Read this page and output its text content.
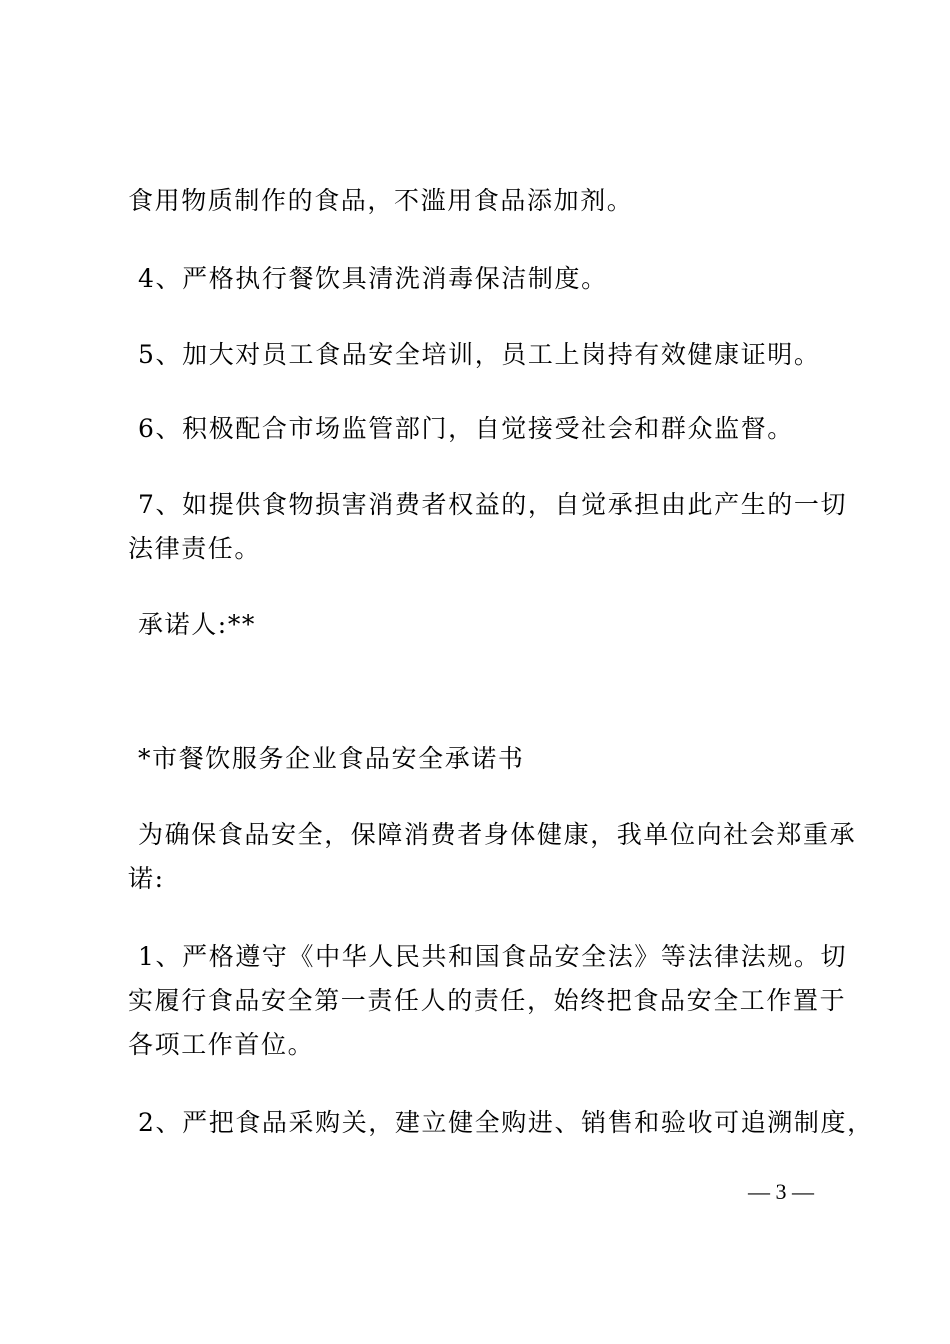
食用物质制作的食品，不滥用食品添加剂。
4、严格执行餐饮具清洗消毒保洁制度。
5、加大对员工食品安全培训，员工上岗持有效健康证明。
6、积极配合市场监管部门，自觉接受社会和群众监督。
7、如提供食物损害消费者权益的，自觉承担由此产生的一切
法律责任。
承诺人:**
*市餐饮服务企业食品安全承诺书
为确保食品安全，保障消费者身体健康，我单位向社会郑重承
诺:
1、严格遵守《中华人民共和国食品安全法》等法律法规。切
实履行食品安全第一责任人的责任，始终把食品安全工作置于
各项工作首位。
2、严把食品采购关，建立健全购进、销售和验收可追溯制度，
— 3 —
